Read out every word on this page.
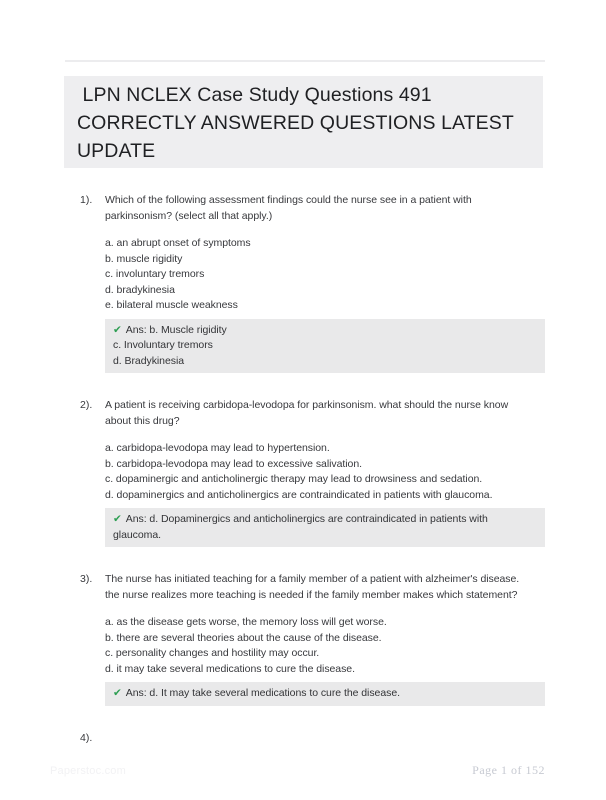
LPN NCLEX Case Study Questions 491
CORRECTLY ANSWERED QUESTIONS LATEST
UPDATE
1). Which of the following assessment findings could the nurse see in a patient with
parkinsonism? (select all that apply.)
a. an abrupt onset of symptoms
b. muscle rigidity
c. involuntary tremors
d. bradykinesia
e. bilateral muscle weakness
✔ Ans: b. Muscle rigidity
c. Involuntary tremors
d. Bradykinesia
2). A patient is receiving carbidopa-levodopa for parkinsonism. what should the nurse know
about this drug?
a. carbidopa-levodopa may lead to hypertension.
b. carbidopa-levodopa may lead to excessive salivation.
c. dopaminergic and anticholinergic therapy may lead to drowsiness and sedation.
d. dopaminergics and anticholinergics are contraindicated in patients with glaucoma.
✔ Ans: d. Dopaminergics and anticholinergics are contraindicated in patients with
glaucoma.
3). The nurse has initiated teaching for a family member of a patient with alzheimer's disease.
the nurse realizes more teaching is needed if the family member makes which statement?
a. as the disease gets worse, the memory loss will get worse.
b. there are several theories about the cause of the disease.
c. personality changes and hostility may occur.
d. it may take several medications to cure the disease.
✔ Ans: d. It may take several medications to cure the disease.
4).
Paperstoc.com	Page 1 of 152
